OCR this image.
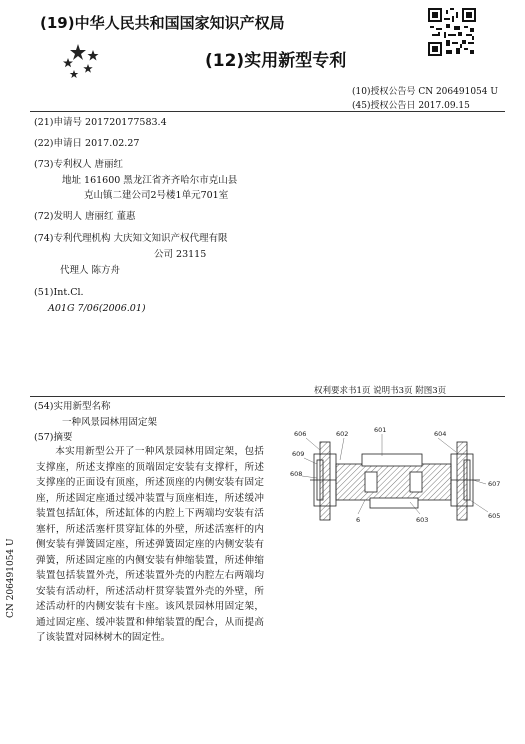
(19)中华人民共和国国家知识产权局
(12)实用新型专利
(10)授权公告号 CN 206491054 U
(45)授权公告日 2017.09.15
(21)申请号 201720177583.4
(22)申请日 2017.02.27
(73)专利权人 唐丽红
地址 161600 黑龙江省齐齐哈尔市克山县
克山镇二建公司2号楼1单元701室
(72)发明人 唐丽红 董惠
(74)专利代理机构 大庆知文知识产权代理有限
公司 23115
代理人 陈方舟
(51)Int.Cl.
A01G 7/06(2006.01)
权利要求书1页 说明书3页 附图3页
(54)实用新型名称
一种风景园林用固定架
(57)摘要

本实用新型公开了一种风景园林用固定架，包括支撑座，所述支撑座的顶端固定安装有支撑杆，所述支撑座的正面设有顶座，所述顶座的内侧安装有固定座，所述固定座通过缓冲装置与顶座相连，所述缓冲装置包括缸体，所述缸体的内腔上下两端均安装有活塞杆，所述活塞杆贯穿缸体的外壁，所述活塞杆的内侧安装有弹簧固定座，所述弹簧固定座的内侧安装有弹簧，所述固定座的内侧安装有伸缩装置，所述伸缩装置包括装置外壳，所述装置外壳的内腔左右两端均安装有活动杆，所述活动杆贯穿装置外壳的外壁，所述活动杆的内侧安装有卡座。该风景园林用固定架，通过固定座、缓冲装置和伸缩装置的配合，从而提高了该装置对园林树木的固定性。

606	602	601	604
609
608
607
605
603
6
CN 206491054 U
